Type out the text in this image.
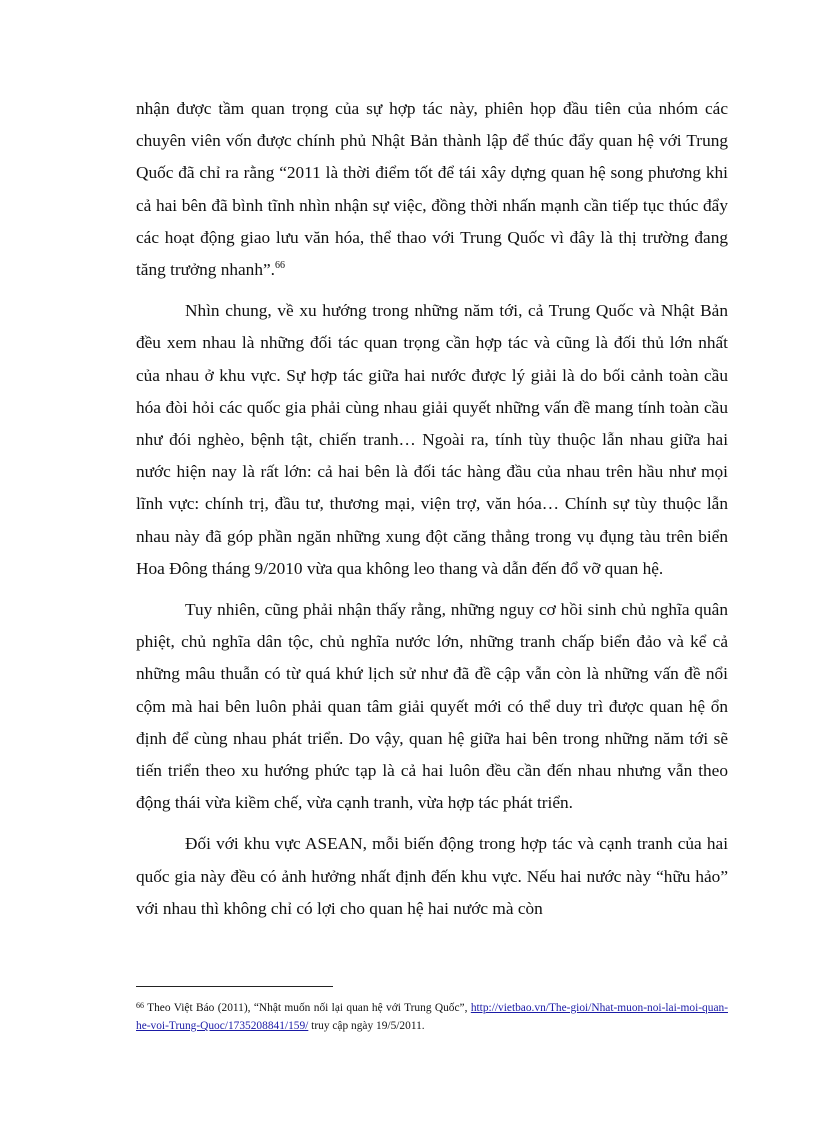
nhận được tầm quan trọng của sự hợp tác này, phiên họp đầu tiên của nhóm các chuyên viên vốn được chính phủ Nhật Bản thành lập để thúc đẩy quan hệ với Trung Quốc đã chỉ ra rằng “2011 là thời điểm tốt để tái xây dựng quan hệ song phương khi cả hai bên đã bình tĩnh nhìn nhận sự việc, đồng thời nhấn mạnh cần tiếp tục thúc đẩy các hoạt động giao lưu văn hóa, thể thao với Trung Quốc vì đây là thị trường đang tăng trưởng nhanh”.$^{66}$

Nhìn chung, về xu hướng trong những năm tới, cả Trung Quốc và Nhật Bản đều xem nhau là những đối tác quan trọng cần hợp tác và cũng là đối thủ lớn nhất của nhau ở khu vực. Sự hợp tác giữa hai nước được lý giải là do bối cảnh toàn cầu hóa đòi hỏi các quốc gia phải cùng nhau giải quyết những vấn đề mang tính toàn cầu như đói nghèo, bệnh tật, chiến tranh… Ngoài ra, tính tùy thuộc lẫn nhau giữa hai nước hiện nay là rất lớn: cả hai bên là đối tác hàng đầu của nhau trên hầu như mọi lĩnh vực: chính trị, đầu tư, thương mại, viện trợ, văn hóa… Chính sự tùy thuộc lẫn nhau này đã góp phần ngăn những xung đột căng thẳng trong vụ đụng tàu trên biển Hoa Đông tháng 9/2010 vừa qua không leo thang và dẫn đến đổ vỡ quan hệ.

Tuy nhiên, cũng phải nhận thấy rằng, những nguy cơ hồi sinh chủ nghĩa quân phiệt, chủ nghĩa dân tộc, chủ nghĩa nước lớn, những tranh chấp biển đảo và kể cả những mâu thuẫn có từ quá khứ lịch sử như đã đề cập vẫn còn là những vấn đề nổi cộm mà hai bên luôn phải quan tâm giải quyết mới có thể duy trì được quan hệ ổn định để cùng nhau phát triển. Do vậy, quan hệ giữa hai bên trong những năm tới sẽ tiến triển theo xu hướng phức tạp là cả hai luôn đều cần đến nhau nhưng vẫn theo động thái vừa kiềm chế, vừa cạnh tranh, vừa hợp tác phát triển.

Đối với khu vực ASEAN, mỗi biến động trong hợp tác và cạnh tranh của hai quốc gia này đều có ảnh hưởng nhất định đến khu vực. Nếu hai nước này “hữu hảo” với nhau thì không chỉ có lợi cho quan hệ hai nước mà còn

$^{66}$ Theo Việt Báo (2011), “Nhật muốn nối lại quan hệ với Trung Quốc”, http://vietbao.vn/The-gioi/Nhat-muon-noi-lai-moi-quan-he-voi-Trung-Quoc/1735208841/159/ truy cập ngày 19/5/2011.
